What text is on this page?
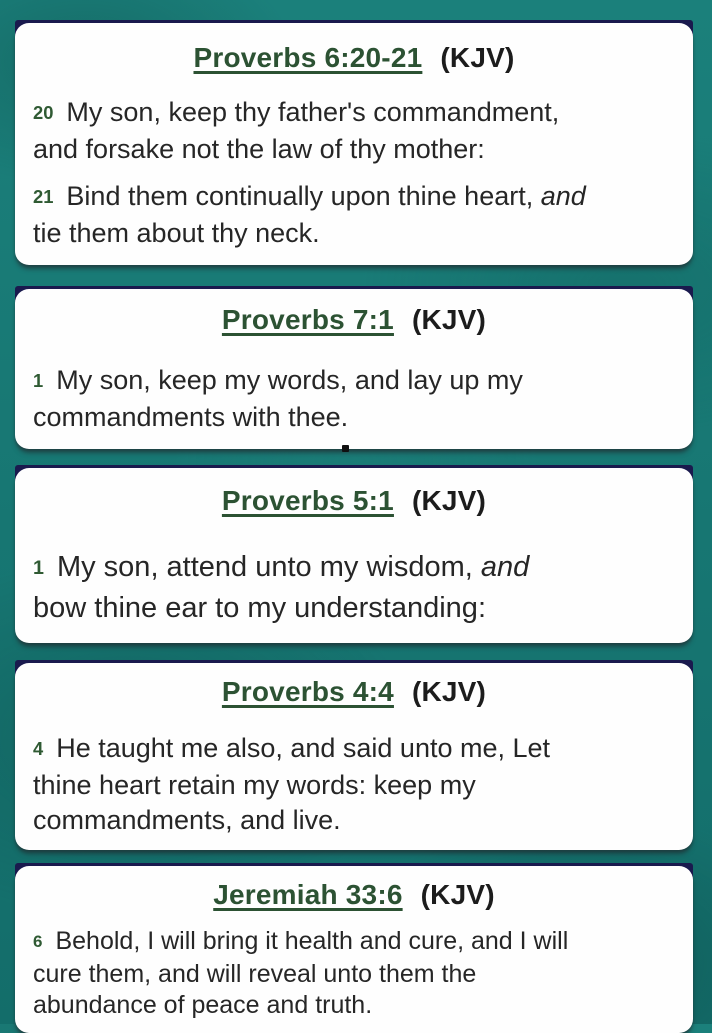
Proverbs 6:20-21 (KJV)
20 My son, keep thy father's commandment,
and forsake not the law of thy mother:
21 Bind them continually upon thine heart, and
tie them about thy neck.
Proverbs 7:1 (KJV)
1 My son, keep my words, and lay up my
commandments with thee.
Proverbs 5:1 (KJV)
1 My son, attend unto my wisdom, and
bow thine ear to my understanding:
Proverbs 4:4 (KJV)
4 He taught me also, and said unto me, Let
thine heart retain my words: keep my
commandments, and live.
Jeremiah 33:6 (KJV)
6 Behold, I will bring it health and cure, and I will
cure them, and will reveal unto them the
abundance of peace and truth.
